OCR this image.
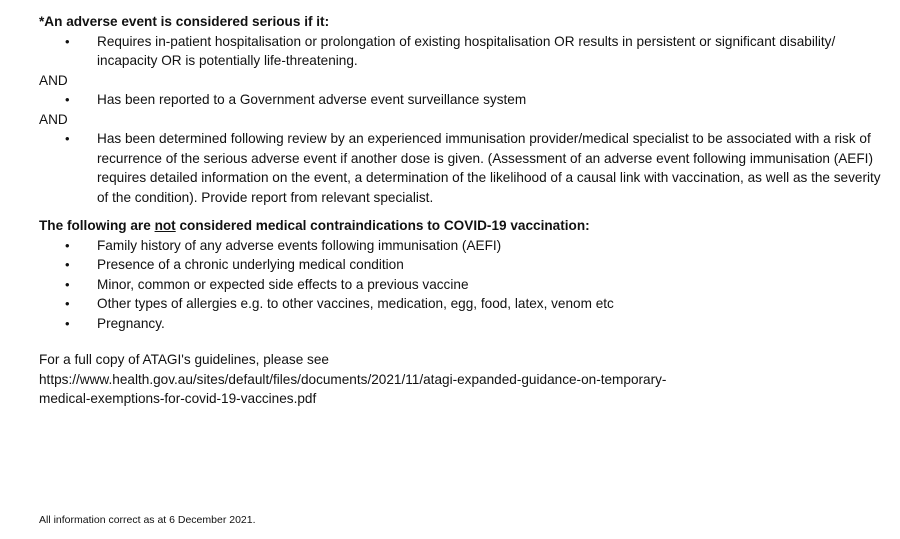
*An adverse event is considered serious if it:

• Requires in-patient hospitalisation or prolongation of existing hospitalisation OR results in persistent or significant disability/ incapacity OR is potentially life-threatening.

AND

• Has been reported to a Government adverse event surveillance system

AND

• Has been determined following review by an experienced immunisation provider/medical specialist to be associated with a risk of recurrence of the serious adverse event if another dose is given. (Assessment of an adverse event following immunisation (AEFI) requires detailed information on the event, a determination of the likelihood of a causal link with vaccination, as well as the severity of the condition). Provide report from relevant specialist.

The following are not considered medical contraindications to COVID-19 vaccination:

• Family history of any adverse events following immunisation (AEFI)
• Presence of a chronic underlying medical condition
• Minor, common or expected side effects to a previous vaccine
• Other types of allergies e.g. to other vaccines, medication, egg, food, latex, venom etc
• Pregnancy.

For a full copy of ATAGI's guidelines, please see

https://www.health.gov.au/sites/default/files/documents/2021/11/atagi-expanded-guidance-on-temporary-

medical-exemptions-for-covid-19-vaccines.pdf

All information correct as at 6 December 2021.
